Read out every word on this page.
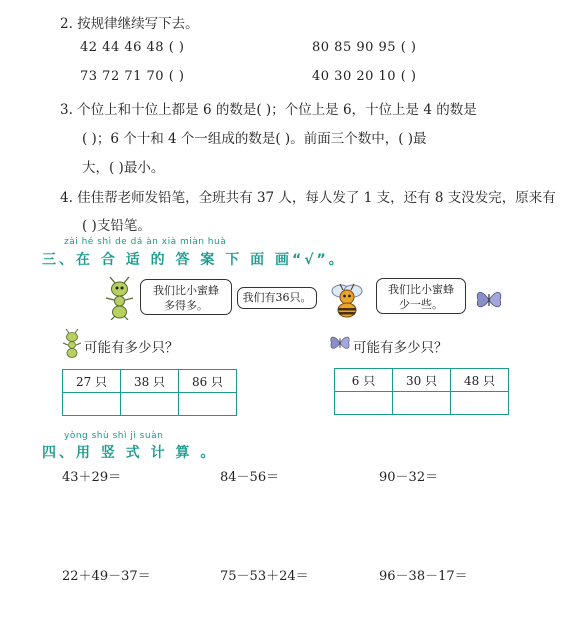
2. 按规律继续写下去。
42 44 46 48 ( )	80 85 90 95 ( )
73 72 71 70 ( )	40 30 20 10 ( )
3. 个位上和十位上都是 6 的数是( )；个位上是 6，十位上是 4 的数是
( )；6 个十和 4 个一组成的数是( )。前面三个数中，( )最
大，( )最小。
4. 佳佳帮老师发铅笔，全班共有 37 人，每人发了 1 支，还有 8 支没发完，原来有
( )支铅笔。
zài hé shì de dá àn xià miàn huà
三、在 合 适 的 答 案 下 面 画“√”。
我们比小蜜蜂多得多。
我们有36只。
我们比小蜜蜂少一些。
可能有多少只？
27 只	38 只	86 只

可能有多少只？
6 只	30 只	48 只

yòng shù shì jì suàn
四、用 竖 式 计 算 。
43＋29＝	84－56＝	90－32＝
22＋49－37＝	75－53＋24＝	96－38－17＝
